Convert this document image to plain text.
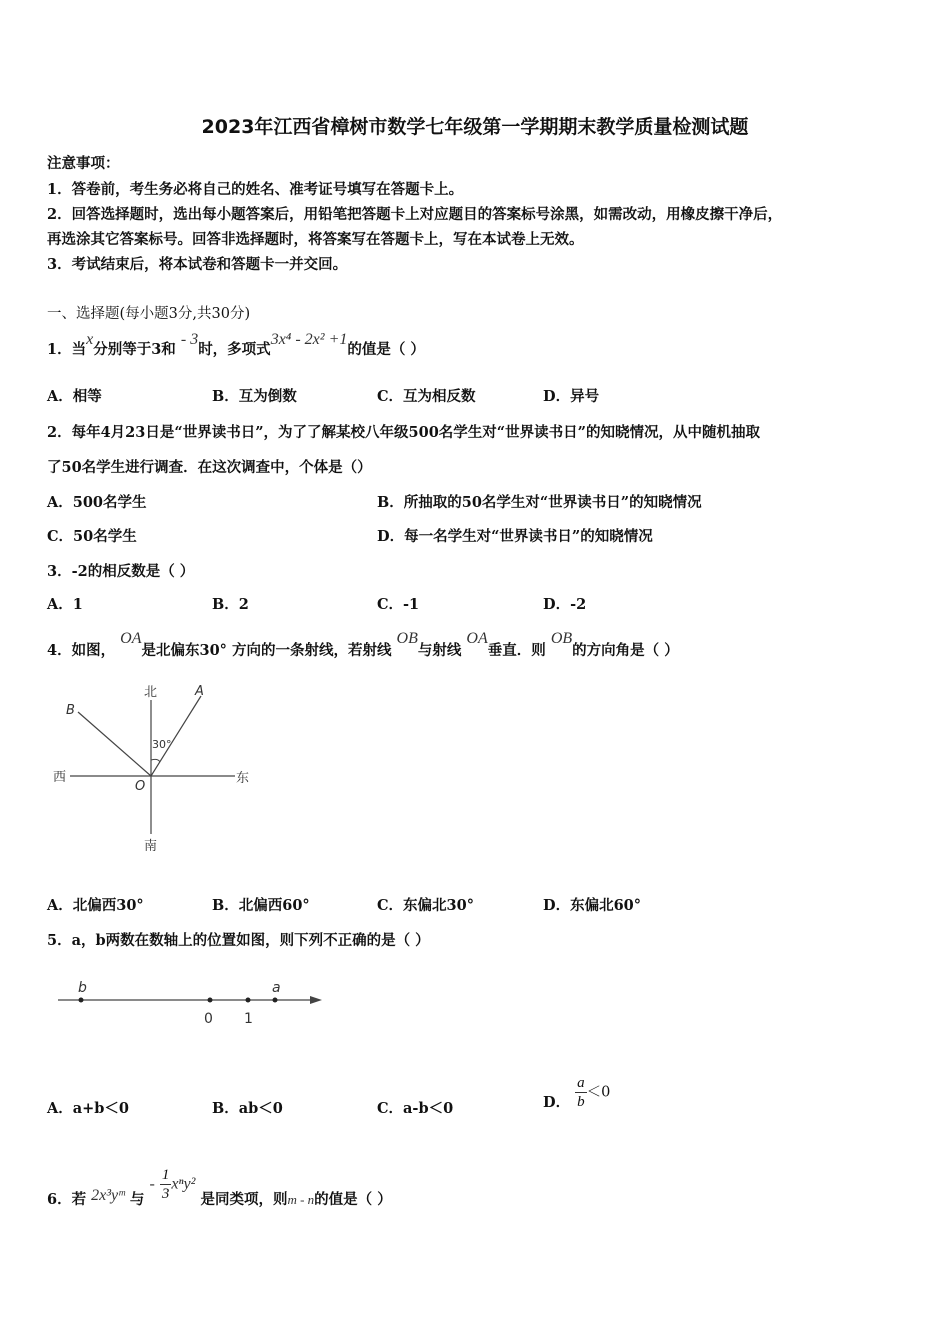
2023年江西省樟树市数学七年级第一学期期末教学质量检测试题
注意事项：
1．答卷前，考生务必将自己的姓名、准考证号填写在答题卡上。
2．回答选择题时，选出每小题答案后，用铅笔把答题卡上对应题目的答案标号涂黑，如需改动，用橡皮擦干净后，
再选涂其它答案标号。回答非选择题时，将答案写在答题卡上，写在本试卷上无效。
3．考试结束后，将本试卷和答题卡一并交回。
一、选择题(每小题3分,共30分)
1．当x分别等于3和 - 3时，多项式3x⁴ - 2x² +1的值是（ ）
A．相等	B．互为倒数	C．互为相反数	D．异号
2．每年4月23日是“世界读书日”，为了了解某校八年级500名学生对“世界读书日”的知晓情况，从中随机抽取
了50名学生进行调查．在这次调查中，个体是（）
A．500名学生	B．所抽取的50名学生对“世界读书日”的知晓情况
C．50名学生	D．每一名学生对“世界读书日”的知晓情况
3．-2的相反数是（ ）
A．1	B．2	C．-1	D．-2
4．如图， OA是北偏东30° 方向的一条射线，若射线 OB与射线 OA垂直．则 OB的方向角是（ ）
北
南
西	东
A
B
O
30°
A．北偏西30°	B．北偏西60°	C．东偏北30°	D．东偏北60°
5．a，b两数在数轴上的位置如图，则下列不正确的是（ ）
b	a
0 1
A．a+b＜0	B．ab＜0	C．a-b＜0	D． $\frac{a}{b} <0$
6．若 2x³yᵐ 与 - $\frac{1}{3} x^ny^2$ 是同类项，则m - n的值是（ ）
